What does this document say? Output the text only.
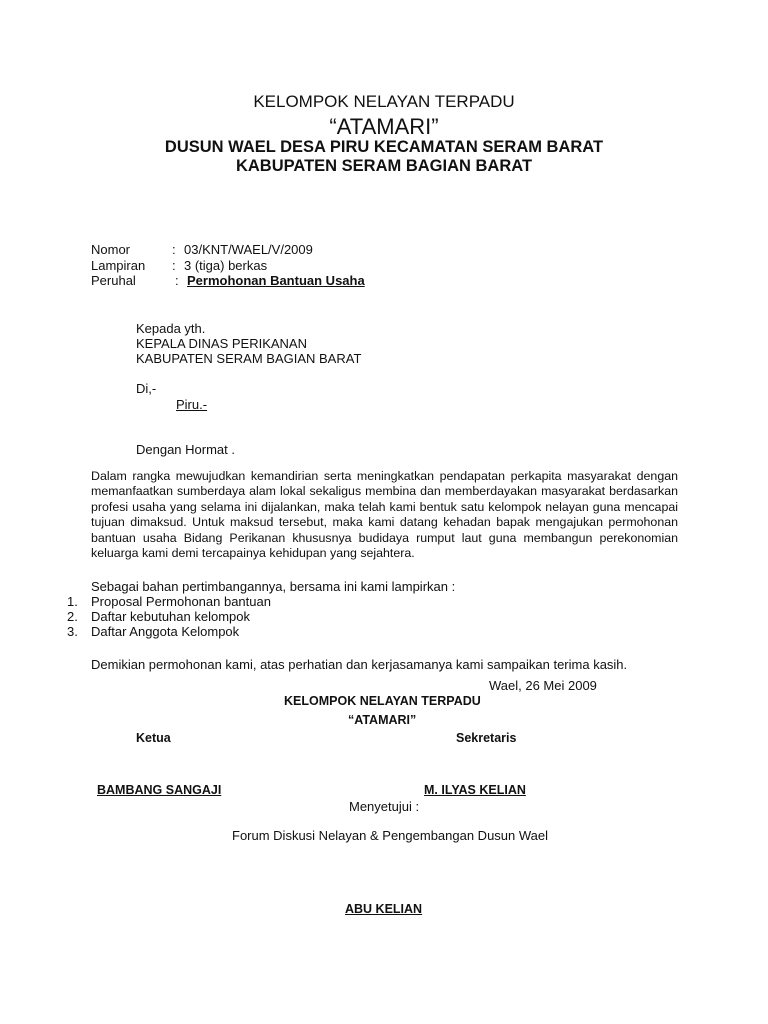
KELOMPOK NELAYAN TERPADU
“ATAMARI”
DUSUN WAEL DESA PIRU KECAMATAN SERAM BARAT
KABUPATEN SERAM BAGIAN BARAT
Nomor	: 03/KNT/WAEL/V/2009
Lampiran : 3 (tiga) berkas
Peruhal	: Permohonan Bantuan Usaha
Kepada yth.
KEPALA DINAS PERIKANAN
KABUPATEN SERAM BAGIAN BARAT
Di,-
Piru.-
Dengan Hormat .
Dalam rangka mewujudkan kemandirian serta meningkatkan pendapatan perkapita masyarakat dengan memanfaatkan sumberdaya alam lokal sekaligus membina dan memberdayakan masyarakat berdasarkan profesi usaha yang selama ini dijalankan, maka telah kami bentuk satu kelompok nelayan guna mencapai tujuan dimaksud. Untuk maksud tersebut, maka kami datang kehadan bapak mengajukan permohonan bantuan usaha Bidang Perikanan khususnya budidaya rumput laut guna membangun perekonomian keluarga kami demi tercapainya kehidupan yang sejahtera.
Sebagai bahan pertimbangannya, bersama ini kami lampirkan :
1. Proposal Permohonan bantuan
2. Daftar kebutuhan kelompok
3. Daftar Anggota Kelompok
Demikian permohonan kami, atas perhatian dan kerjasamanya kami sampaikan terima kasih.
Wael, 26 Mei 2009
KELOMPOK NELAYAN TERPADU
“ATAMARI”
Ketua	Sekretaris
BAMBANG SANGAJI	M. ILYAS KELIAN
Menyetujui :
Forum Diskusi Nelayan & Pengembangan Dusun Wael
ABU KELIAN
